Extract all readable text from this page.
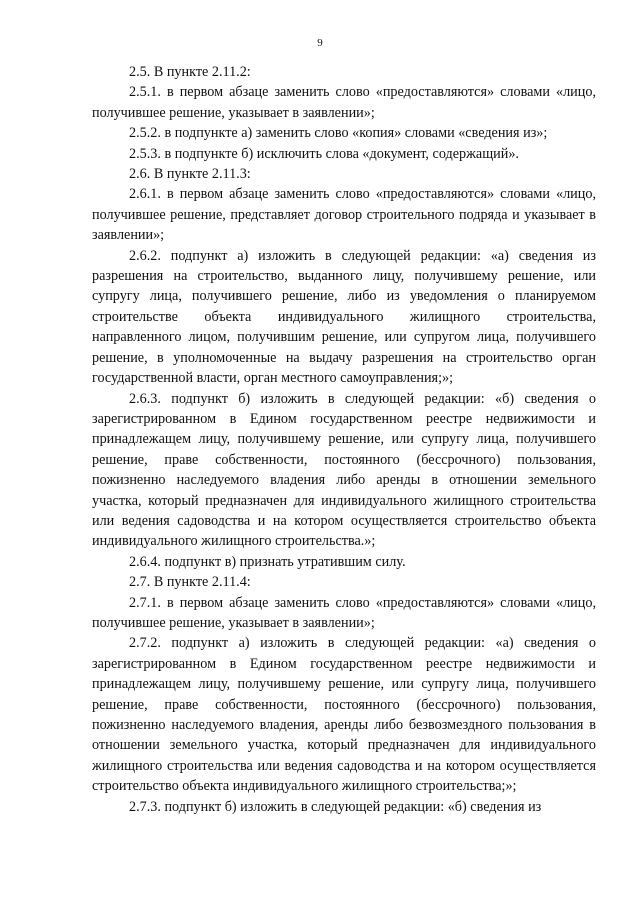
9

2.5. В пункте 2.11.2:

2.5.1. в первом абзаце заменить слово «предоставляются» словами «лицо, получившее решение, указывает в заявлении»;

2.5.2. в подпункте а) заменить слово «копия» словами «сведения из»;

2.5.3. в подпункте б) исключить слова «документ, содержащий».

2.6. В пункте 2.11.3:

2.6.1. в первом абзаце заменить слово «предоставляются» словами «лицо, получившее решение, представляет договор строительного подряда и указывает в заявлении»;

2.6.2. подпункт а) изложить в следующей редакции: «а) сведения из разрешения на строительство, выданного лицу, получившему решение, или супругу лица, получившего решение, либо из уведомления о планируемом строительстве объекта индивидуального жилищного строительства, направленного лицом, получившим решение, или супругом лица, получившего решение, в уполномоченные на выдачу разрешения на строительство орган государственной власти, орган местного самоуправления;»;

2.6.3. подпункт б) изложить в следующей редакции: «б) сведения о зарегистрированном в Едином государственном реестре недвижимости и принадлежащем лицу, получившему решение, или супругу лица, получившего решение, праве собственности, постоянного (бессрочного) пользования, пожизненно наследуемого владения либо аренды в отношении земельного участка, который предназначен для индивидуального жилищного строительства или ведения садоводства и на котором осуществляется строительство объекта индивидуального жилищного строительства.»;

2.6.4. подпункт в) признать утратившим силу.

2.7. В пункте 2.11.4:

2.7.1. в первом абзаце заменить слово «предоставляются» словами «лицо, получившее решение, указывает в заявлении»;

2.7.2. подпункт а) изложить в следующей редакции: «а) сведения о зарегистрированном в Едином государственном реестре недвижимости и принадлежащем лицу, получившему решение, или супругу лица, получившего решение, праве собственности, постоянного (бессрочного) пользования, пожизненно наследуемого владения, аренды либо безвозмездного пользования в отношении земельного участка, который предназначен для индивидуального жилищного строительства или ведения садоводства и на котором осуществляется строительство объекта индивидуального жилищного строительства;»;

2.7.3. подпункт б) изложить в следующей редакции: «б) сведения из
